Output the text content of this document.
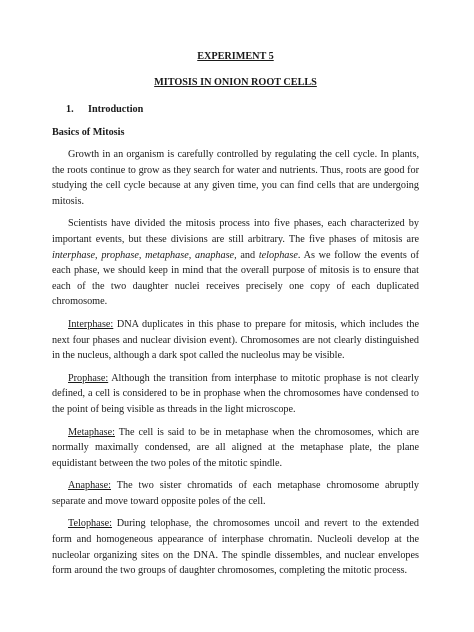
EXPERIMENT 5
MITOSIS IN ONION ROOT CELLS
1. Introduction
Basics of Mitosis

Growth in an organism is carefully controlled by regulating the cell cycle. In plants, the roots continue to grow as they search for water and nutrients. Thus, roots are good for studying the cell cycle because at any given time, you can find cells that are undergoing mitosis.

Scientists have divided the mitosis process into five phases, each characterized by important events, but these divisions are still arbitrary. The five phases of mitosis are interphase, prophase, metaphase, anaphase, and telophase. As we follow the events of each phase, we should keep in mind that the overall purpose of mitosis is to ensure that each of the two daughter nuclei receives precisely one copy of each duplicated chromosome.

Interphase: DNA duplicates in this phase to prepare for mitosis, which includes the next four phases and nuclear division event). Chromosomes are not clearly distinguished in the nucleus, although a dark spot called the nucleolus may be visible.

Prophase: Although the transition from interphase to mitotic prophase is not clearly defined, a cell is considered to be in prophase when the chromosomes have condensed to the point of being visible as threads in the light microscope.

Metaphase: The cell is said to be in metaphase when the chromosomes, which are normally maximally condensed, are all aligned at the metaphase plate, the plane equidistant between the two poles of the mitotic spindle.

Anaphase: The two sister chromatids of each metaphase chromosome abruptly separate and move toward opposite poles of the cell.

Telophase: During telophase, the chromosomes uncoil and revert to the extended form and homogeneous appearance of interphase chromatin. Nucleoli develop at the nucleolar organizing sites on the DNA. The spindle dissembles, and nuclear envelopes form around the two groups of daughter chromosomes, completing the mitotic process.
